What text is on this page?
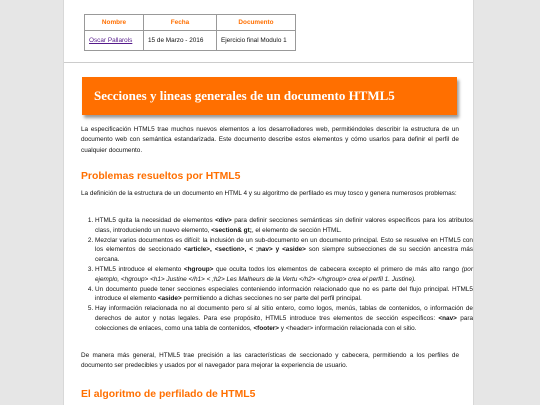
Nombre	Fecha	Documento
Oscar Pallarols	15 de Marzo - 2016	Ejercicio final Modulo 1
Secciones y lineas generales de un documento HTML5

La especificación HTML5 trae muchos nuevos elementos a los desarrolladores web, permitiéndoles describir la estructura de un documento web con semántica estandarizada. Este documento describe estos elementos y cómo usarlos para definir el perfil de cualquier documento.

Problemas resueltos por HTML5

La definición de la estructura de un documento en HTML 4 y su algoritmo de perfilado es muy tosco y genera numerosos problemas:

1. HTML5 quita la necesidad de elementos <div> para definir secciones semánticas sin definir valores específicos para los atributos class, introduciendo un nuevo elemento, <section& gt;, el elemento de sección HTML.
2. Mezclar varios documentos es difícil: la inclusión de un sub-documento en un documento principal. Esto se resuelve en HTML5 con los elementos de seccionado <article>, <section>, < ;nav> y <aside> son siempre subsecciones de su sección ancestra más cercana.
3. HTML5 introduce el elemento <hgroup> que oculta todos los elementos de cabecera excepto el primero de más alto rango (por ejemplo, <hgroup> <h1> Justine </h1> < ;h2> Les Malheurs de la Vertu </h2> </hgroup> crea el perfil 1. Justine).
4. Un documento puede tener secciones especiales conteniendo información relacionado que no es parte del flujo principal. HTML5 introduce el elemento <aside> permitiendo a dichas secciones no ser parte del perfil principal.
5. Hay información relacionada no al documento pero sí al sitio entero, como logos, menús, tablas de contenidos, o información de derechos de autor y notas legales. Para ese propósito, HTML5 introduce tres elementos de sección específicos: <nav> para colecciones de enlaces, como una tabla de contenidos, <footer> y <header> información relacionada con el sitio.

De manera más general, HTML5 trae precisión a las características de seccionado y cabecera, permitiendo a los perfiles de documento ser predecibles y usados por el navegador para mejorar la experiencia de usuario.

El algoritmo de perfilado de HTML5
